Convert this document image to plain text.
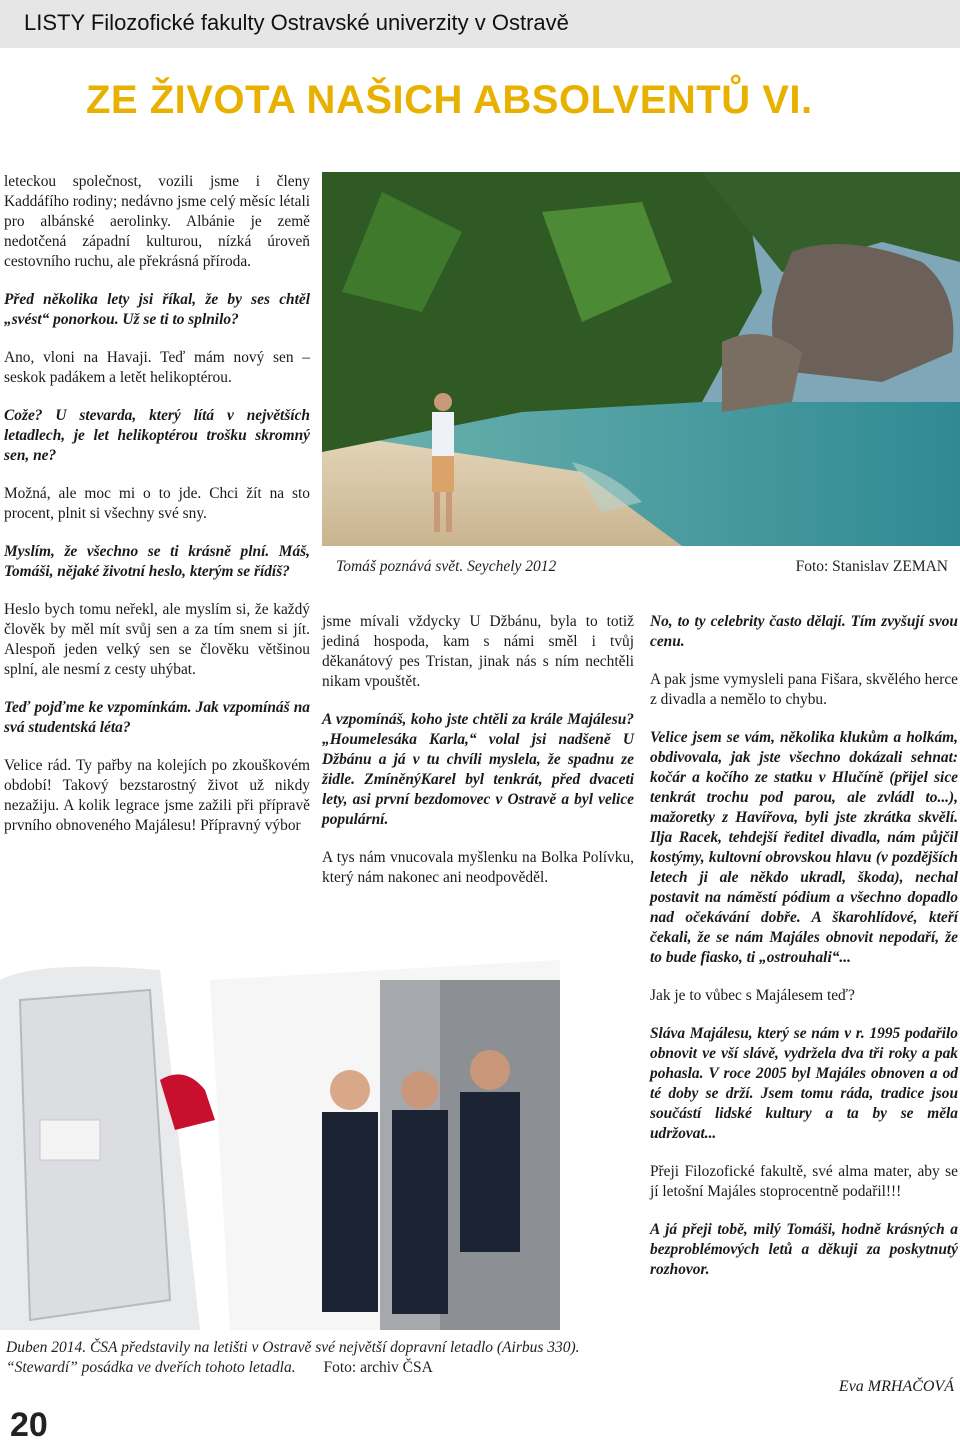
LISTY Filozofické fakulty Ostravské univerzity v Ostravě
ZE ŽIVOTA NAŠICH ABSOLVENTŮ VI.

leteckou společnost, vozili jsme i členy Kaddáfího rodiny; nedávno jsme celý měsíc létali pro albánské aerolinky. Albánie je země nedotčená západní kulturou, nízká úroveň cestovního ruchu, ale překrásná příroda.

Před několika lety jsi říkal, že by ses chtěl „svést“ ponorkou. Už se ti to splnilo?

Ano, vloni na Havaji. Teď mám nový sen – seskok padákem a letět helikoptérou.

Cože? U stevarda, který lítá v největších letadlech, je let helikoptérou trošku skromný sen, ne?

Možná, ale moc mi o to jde. Chci žít na sto procent, plnit si všechny své sny.

Myslím, že všechno se ti krásně plní. Máš, Tomáši, nějaké životní heslo, kterým se řídíš?

Heslo bych tomu neřekl, ale myslím si, že každý člověk by měl mít svůj sen a za tím snem si jít. Alespoň jeden velký sen se člověku většinou splní, ale nesmí z cesty uhýbat.

Teď pojďme ke vzpomínkám. Jak vzpomínáš na svá studentská léta?

Velice rád. Ty pařby na kolejích po zkouškovém období! Takový bezstarostný život už nikdy nezažiju. A kolik legrace jsme zažili při přípravě prvního obnoveného Majálesu! Přípravný výbor

Tomáš poznává svět. Seychely 2012	Foto: Stanislav ZEMAN

jsme mívali vždycky U Džbánu, byla to totiž jediná hospoda, kam s námi směl i tvůj děkanátový pes Tristan, jinak nás s ním nechtěli nikam vpouštět.

A vzpomínáš, koho jste chtěli za krále Majálesu? „Houmelesáka Karla,“ volal jsi nadšeně U Džbánu a já v tu chvíli myslela, že spadnu ze židle. ZmíněnýKarel byl tenkrát, před dvaceti lety, asi první bezdomovec v Ostravě a byl velice populární.

A tys nám vnucovala myšlenku na Bolka Polívku, který nám nakonec ani neodpověděl.

No, to ty celebrity často dělají. Tím zvyšují svou cenu.

A pak jsme vymysleli pana Fišara, skvělého herce z divadla a nemělo to chybu.

Velice jsem se vám, několika klukům a holkám, obdivovala, jak jste všechno dokázali sehnat: kočár a kočího ze statku v Hlučíně (přijel sice tenkrát trochu pod parou, ale zvládl to...), mažoretky z Havířova, byli jste zkrátka skvělí. Ilja Racek, tehdejší ředitel divadla, nám půjčil kostýmy, kultovní obrovskou hlavu (v pozdějších letech ji ale někdo ukradl, škoda), nechal postavit na náměstí pódium a všechno dopadlo nad očekávání dobře. A škarohlídové, kteří čekali, že se nám Majáles obnovit nepodaří, že to bude fiasko, ti „ostrouhali“...

Jak je to vůbec s Majálesem teď?

Sláva Majálesu, který se nám v r. 1995 podařilo obnovit ve vší slávě, vydržela dva tři roky a pak pohasla. V roce 2005 byl Majáles obnoven a od té doby se drží. Jsem tomu ráda, tradice jsou součástí lidské kultury a ta by se měla udržovat...

Přeji Filozofické fakultě, své alma mater, aby se jí letošní Majáles stoprocentně podařil!!!

A já přeji tobě, milý Tomáši, hodně krásných a bezproblémových letů a děkuji za poskytnutý rozhovor.

Duben 2014. ČSA představily na letišti v Ostravě své největší dopravní letadlo (Airbus 330). “Stewardí” posádka ve dveřích tohoto letadla. Foto: archiv ČSA
Eva MRHAČOVÁ
20
